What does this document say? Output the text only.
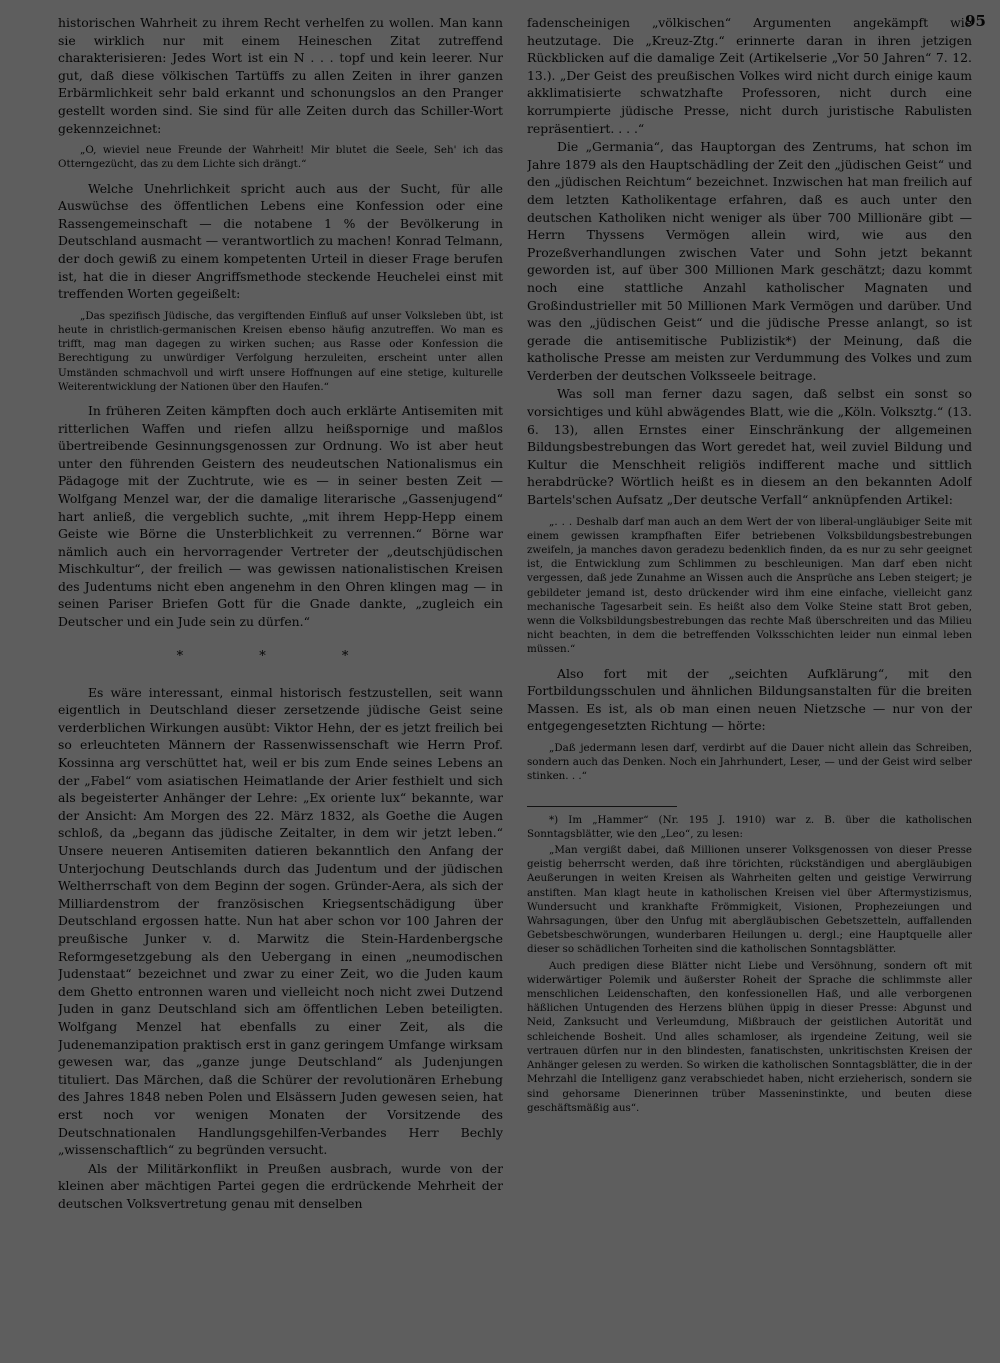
95

historischen Wahrheit zu ihrem Recht verhelfen zu wollen. Man kann sie wirklich nur mit einem Heineschen Zitat zutreffend charakterisieren: Jedes Wort ist ein N . . . topf und kein leerer. Nur gut, daß diese völkischen Tartüffs zu allen Zeiten in ihrer ganzen Erbärmlichkeit sehr bald erkannt und schonungslos an den Pranger gestellt worden sind. Sie sind für alle Zeiten durch das Schiller-Wort gekennzeichnet:

„O, wieviel neue Freunde der Wahrheit! Mir blutet die Seele, Seh' ich das Otterngezücht, das zu dem Lichte sich drängt.“

Welche Unehrlichkeit spricht auch aus der Sucht, für alle Auswüchse des öffentlichen Lebens eine Konfession oder eine Rassengemeinschaft — die notabene 1 % der Bevölkerung in Deutschland ausmacht — verantwortlich zu machen! Konrad Telmann, der doch gewiß zu einem kompetenten Urteil in dieser Frage berufen ist, hat die in dieser Angriffsmethode steckende Heuchelei einst mit treffenden Worten gegeißelt:

„Das spezifisch Jüdische, das vergiftenden Einfluß auf unser Volksleben übt, ist heute in christlich-germanischen Kreisen ebenso häufig anzutreffen. Wo man es trifft, mag man dagegen zu wirken suchen; aus Rasse oder Konfession die Berechtigung zu unwürdiger Verfolgung herzuleiten, erscheint unter allen Umständen schmachvoll und wirft unsere Hoffnungen auf eine stetige, kulturelle Weiterentwicklung der Nationen über den Haufen.“

In früheren Zeiten kämpften doch auch erklärte Antisemiten mit ritterlichen Waffen und riefen allzu heißspornige und maßlos übertreibende Gesinnungsgenossen zur Ordnung. Wo ist aber heut unter den führenden Geistern des neudeutschen Nationalismus ein Pädagoge mit der Zuchtrute, wie es — in seiner besten Zeit — Wolfgang Menzel war, der die damalige literarische „Gassenjugend“ hart anließ, die vergeblich suchte, „mit ihrem Hepp-Hepp einem Geiste wie Börne die Unsterblichkeit zu verrennen.“ Börne war nämlich auch ein hervorragender Vertreter der „deutschjüdischen Mischkultur“, der freilich — was gewissen nationalistischen Kreisen des Judentums nicht eben angenehm in den Ohren klingen mag — in seinen Pariser Briefen Gott für die Gnade dankte, „zugleich ein Deutscher und ein Jude sein zu dürfen.“

* * *

Es wäre interessant, einmal historisch festzustellen, seit wann eigentlich in Deutschland dieser zersetzende jüdische Geist seine verderblichen Wirkungen ausübt: Viktor Hehn, der es jetzt freilich bei so erleuchteten Männern der Rassenwissenschaft wie Herrn Prof. Kossinna arg verschüttet hat, weil er bis zum Ende seines Lebens an der „Fabel“ vom asiatischen Heimatlande der Arier festhielt und sich als begeisterter Anhänger der Lehre: „Ex oriente lux“ bekannte, war der Ansicht: Am Morgen des 22. März 1832, als Goethe die Augen schloß, da „begann das jüdische Zeitalter, in dem wir jetzt leben.“ Unsere neueren Antisemiten datieren bekanntlich den Anfang der Unterjochung Deutschlands durch das Judentum und der jüdischen Weltherrschaft von dem Beginn der sogen. Gründer-Aera, als sich der Milliardenstrom der französischen Kriegsentschädigung über Deutschland ergossen hatte. Nun hat aber schon vor 100 Jahren der preußische Junker v. d. Marwitz die Stein-Hardenbergsche Reformgesetzgebung als den Uebergang in einen „neumodischen Judenstaat“ bezeichnet und zwar zu einer Zeit, wo die Juden kaum dem Ghetto entronnen waren und vielleicht noch nicht zwei Dutzend Juden in ganz Deutschland sich am öffentlichen Leben beteiligten. Wolfgang Menzel hat ebenfalls zu einer Zeit, als die Judenemanzipation praktisch erst in ganz geringem Umfange wirksam gewesen war, das „ganze junge Deutschland“ als Judenjungen tituliert. Das Märchen, daß die Schürer der revolutionären Erhebung des Jahres 1848 neben Polen und Elsässern Juden gewesen seien, hat erst noch vor wenigen Monaten der Vorsitzende des Deutschnationalen Handlungsgehilfen-Verbandes Herr Bechly „wissenschaftlich“ zu begründen versucht.

Als der Militärkonflikt in Preußen ausbrach, wurde von der kleinen aber mächtigen Partei gegen die erdrückende Mehrheit der deutschen Volksvertretung genau mit denselben

fadenscheinigen „völkischen“ Argumenten angekämpft wie heutzutage. Die „Kreuz-Ztg.“ erinnerte daran in ihren jetzigen Rückblicken auf die damalige Zeit (Artikelserie „Vor 50 Jahren“ 7. 12. 13.). „Der Geist des preußischen Volkes wird nicht durch einige kaum akklimatisierte schwatzhafte Professoren, nicht durch eine korrumpierte jüdische Presse, nicht durch juristische Rabulisten repräsentiert. . . .“

Die „Germania“, das Hauptorgan des Zentrums, hat schon im Jahre 1879 als den Hauptschädling der Zeit den „jüdischen Geist“ und den „jüdischen Reichtum“ bezeichnet. Inzwischen hat man freilich auf dem letzten Katholikentage erfahren, daß es auch unter den deutschen Katholiken nicht weniger als über 700 Millionäre gibt — Herrn Thyssens Vermögen allein wird, wie aus den Prozeßverhandlungen zwischen Vater und Sohn jetzt bekannt geworden ist, auf über 300 Millionen Mark geschätzt; dazu kommt noch eine stattliche Anzahl katholischer Magnaten und Großindustrieller mit 50 Millionen Mark Vermögen und darüber. Und was den „jüdischen Geist“ und die jüdische Presse anlangt, so ist gerade die antisemitische Publizistik*) der Meinung, daß die katholische Presse am meisten zur Verdummung des Volkes und zum Verderben der deutschen Volksseele beitrage.

Was soll man ferner dazu sagen, daß selbst ein sonst so vorsichtiges und kühl abwägendes Blatt, wie die „Köln. Volksztg.“ (13. 6. 13), allen Ernstes einer Einschränkung der allgemeinen Bildungsbestrebungen das Wort geredet hat, weil zuviel Bildung und Kultur die Menschheit religiös indifferent mache und sittlich herabdrücke? Wörtlich heißt es in diesem an den bekannten Adolf Bartels'schen Aufsatz „Der deutsche Verfall“ anknüpfenden Artikel:

„. . . Deshalb darf man auch an dem Wert der von liberal-ungläubiger Seite mit einem gewissen krampfhaften Eifer betriebenen Volksbildungsbestrebungen zweifeln, ja manches davon geradezu bedenklich finden, da es nur zu sehr geeignet ist, die Entwicklung zum Schlimmen zu beschleunigen. Man darf eben nicht vergessen, daß jede Zunahme an Wissen auch die Ansprüche ans Leben steigert; je gebildeter jemand ist, desto drückender wird ihm eine einfache, vielleicht ganz mechanische Tagesarbeit sein. Es heißt also dem Volke Steine statt Brot geben, wenn die Volksbildungsbestrebungen das rechte Maß überschreiten und das Milieu nicht beachten, in dem die betreffenden Volksschichten leider nun einmal leben müssen.“

Also fort mit der „seichten Aufklärung“, mit den Fortbildungsschulen und ähnlichen Bildungsanstalten für die breiten Massen. Es ist, als ob man einen neuen Nietzsche — nur von der entgegengesetzten Richtung — hörte:

„Daß jedermann lesen darf, verdirbt auf die Dauer nicht allein das Schreiben, sondern auch das Denken. Noch ein Jahrhundert, Leser, — und der Geist wird selber stinken. . .“

*) Im „Hammer“ (Nr. 195 J. 1910) war z. B. über die katholischen Sonntagsblätter, wie den „Leo“, zu lesen:

„Man vergißt dabei, daß Millionen unserer Volksgenossen von dieser Presse geistig beherrscht werden, daß ihre törichten, rückständigen und abergläubigen Aeußerungen in weiten Kreisen als Wahrheiten gelten und geistige Verwirrung anstiften. Man klagt heute in katholischen Kreisen viel über Aftermystizismus, Wundersucht und krankhafte Frömmigkeit, Visionen, Prophezeiungen und Wahrsagungen, über den Unfug mit abergläubischen Gebetszetteln, auffallenden Gebetsbeschwörungen, wunderbaren Heilungen u. dergl.; eine Hauptquelle aller dieser so schädlichen Torheiten sind die katholischen Sonntagsblätter.

Auch predigen diese Blätter nicht Liebe und Versöhnung, sondern oft mit widerwärtiger Polemik und äußerster Roheit der Sprache die schlimmste aller menschlichen Leidenschaften, den konfessionellen Haß, und alle verborgenen häßlichen Untugenden des Herzens blühen üppig in dieser Presse: Abgunst und Neid, Zanksucht und Verleumdung, Mißbrauch der geistlichen Autorität und schleichende Bosheit. Und alles schamloser, als irgendeine Zeitung, weil sie vertrauen dürfen nur in den blindesten, fanatischsten, unkritischsten Kreisen der Anhänger gelesen zu werden. So wirken die katholischen Sonntagsblätter, die in der Mehrzahl die Intelligenz ganz verabschiedet haben, nicht erzieherisch, sondern sie sind gehorsame Dienerinnen trüber Masseninstinkte, und beuten diese geschäftsmäßig aus“.
